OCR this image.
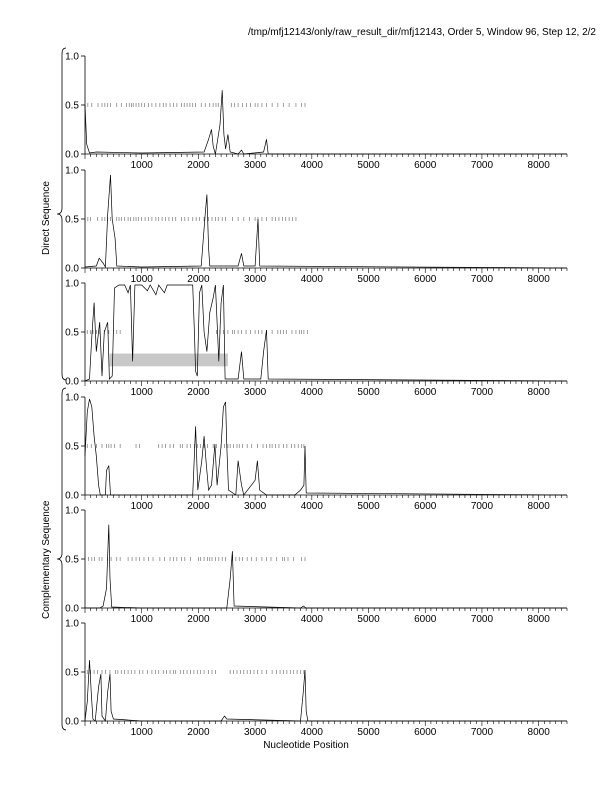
/tmp/mfj12143/only/raw_result_dir/mfj12143, Order 5, Window 96, Step 12, 2/2
Direct Sequence
Complementary Sequence
0.0
0.5
1.0
1000	2000	3000	4000	5000	6000	7000	8000
0.0
0.5
1.0
1000	2000	3000	4000	5000	6000	7000	8000
0.0
0.5
1.0
1000	2000	3000	4000	5000	6000	7000	8000
0.0
0.5
1.0
1000	2000	3000	4000	5000	6000	7000	8000
0.0
0.5
1.0
1000	2000	3000	4000	5000	6000	7000	8000
0.0
0.5
1.0
1000	2000	3000	4000	5000	6000	7000	8000
Nucleotide Position
